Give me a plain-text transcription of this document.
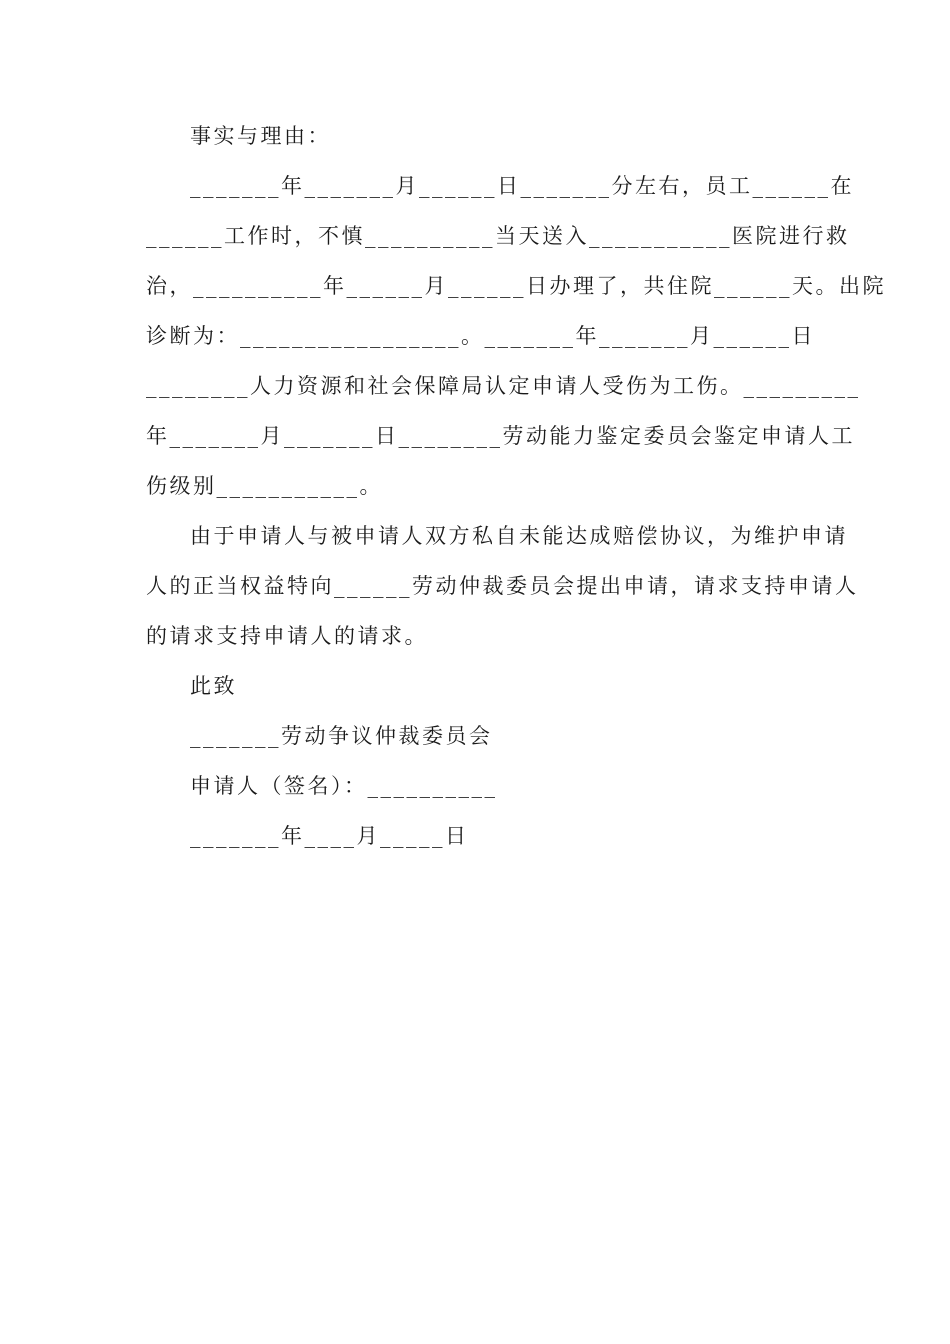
事实与理由：
_______年_______月______日_______分左右，员工______在
______工作时，不慎__________当天送入___________医院进行救
治，__________年______月______日办理了，共住院______天。出院
诊断为：_________________。_______年_______月______日
________人力资源和社会保障局认定申请人受伤为工伤。_________
年_______月_______日________劳动能力鉴定委员会鉴定申请人工
伤级别___________。
由于申请人与被申请人双方私自未能达成赔偿协议，为维护申请
人的正当权益特向______劳动仲裁委员会提出申请，请求支持申请人
的请求支持申请人的请求。
此致
_______劳动争议仲裁委员会
申请人（签名）：__________
_______年____月_____日
